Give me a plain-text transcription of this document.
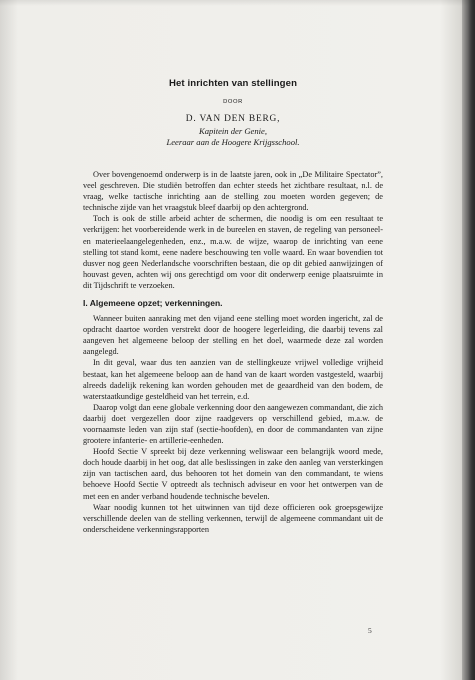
Het inrichten van stellingen
DOOR
D. VAN DEN BERG,
Kapitein der Genie,
Leeraar aan de Hoogere Krijgsschool.

Over bovengenoemd onderwerp is in de laatste jaren, ook in „De Militaire Spectator”, veel geschreven. Die studiën betroffen dan echter steeds het zichtbare resultaat, n.l. de vraag, welke tactische inrichting aan de stelling zou moeten worden gegeven; de technische zijde van het vraagstuk bleef daarbij op den achtergrond.

Toch is ook de stille arbeid achter de schermen, die noodig is om een resultaat te verkrijgen: het voorbereidende werk in de bureelen en staven, de regeling van personeel- en materieelaangelegenheden, enz., m.a.w. de wijze, waarop de inrichting van eene stelling tot stand komt, eene nadere beschouwing ten volle waard. En waar bovendien tot dusver nog geen Nederlandsche voorschriften bestaan, die op dit gebied aanwijzingen of houvast geven, achten wij ons gerechtigd om voor dit onderwerp eenige plaatsruimte in dit Tijdschrift te verzoeken.

I. Algemeene opzet; verkenningen.

Wanneer buiten aanraking met den vijand eene stelling moet worden ingericht, zal de opdracht daartoe worden verstrekt door de hoogere legerleiding, die daarbij tevens zal aangeven het algemeene beloop der stelling en het doel, waarmede deze zal worden aangelegd.

In dit geval, waar dus ten aanzien van de stellingkeuze vrijwel volledige vrijheid bestaat, kan het algemeene beloop aan de hand van de kaart worden vastgesteld, waarbij alreeds dadelijk rekening kan worden gehouden met de geaardheid van den bodem, de waterstaatkundige gesteldheid van het terrein, e.d.

Daarop volgt dan eene globale verkenning door den aangewezen commandant, die zich daarbij doet vergezellen door zijne raadgevers op verschillend gebied, m.a.w. de voornaamste leden van zijn staf (sectie-hoofden), en door de commandanten van zijne grootere infanterie- en artillerie-eenheden.

Hoofd Sectie V spreekt bij deze verkenning weliswaar een belangrijk woord mede, doch houde daarbij in het oog, dat alle beslissingen in zake den aanleg van versterkingen zijn van tactischen aard, dus behooren tot het domein van den commandant, te wiens behoeve Hoofd Sectie V optreedt als technisch adviseur en voor het ontwerpen van de met een en ander verband houdende technische bevelen.

Waar noodig kunnen tot het uitwinnen van tijd deze officieren ook groepsgewijze verschillende deelen van de stelling verkennen, terwijl de algemeene commandant uit de onderscheidene verkenningsrapporten

5
